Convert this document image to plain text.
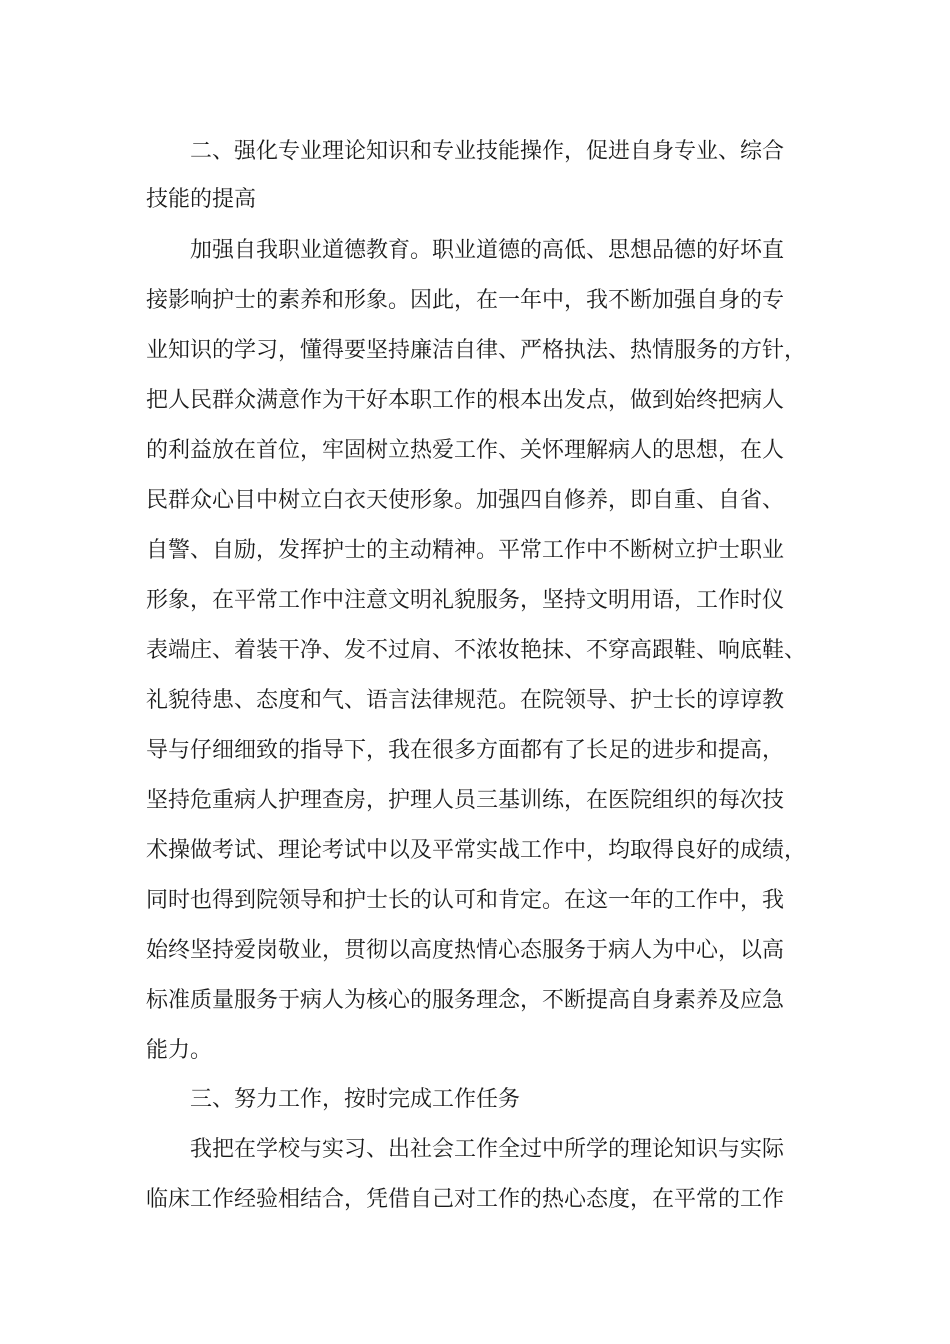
二、强化专业理论知识和专业技能操作，促进自身专业、综合
技能的提高
加强自我职业道德教育。职业道德的高低、思想品德的好坏直
接影响护士的素养和形象。因此，在一年中，我不断加强自身的专
业知识的学习，懂得要坚持廉洁自律、严格执法、热情服务的方针，
把人民群众满意作为干好本职工作的根本出发点，做到始终把病人
的利益放在首位，牢固树立热爱工作、关怀理解病人的思想，在人
民群众心目中树立白衣天使形象。加强四自修养，即自重、自省、
自警、自励，发挥护士的主动精神。平常工作中不断树立护士职业
形象，在平常工作中注意文明礼貌服务，坚持文明用语，工作时仪
表端庄、着装干净、发不过肩、不浓妆艳抹、不穿高跟鞋、响底鞋、
礼貌待患、态度和气、语言法律规范。在院领导、护士长的谆谆教
导与仔细细致的指导下，我在很多方面都有了长足的进步和提高，
坚持危重病人护理查房，护理人员三基训练，在医院组织的每次技
术操做考试、理论考试中以及平常实战工作中，均取得良好的成绩，
同时也得到院领导和护士长的认可和肯定。在这一年的工作中，我
始终坚持爱岗敬业，贯彻以高度热情心态服务于病人为中心，以高
标准质量服务于病人为核心的服务理念，不断提高自身素养及应急
能力。
三、努力工作，按时完成工作任务
我把在学校与实习、出社会工作全过中所学的理论知识与实际
临床工作经验相结合，凭借自己对工作的热心态度，在平常的工作
